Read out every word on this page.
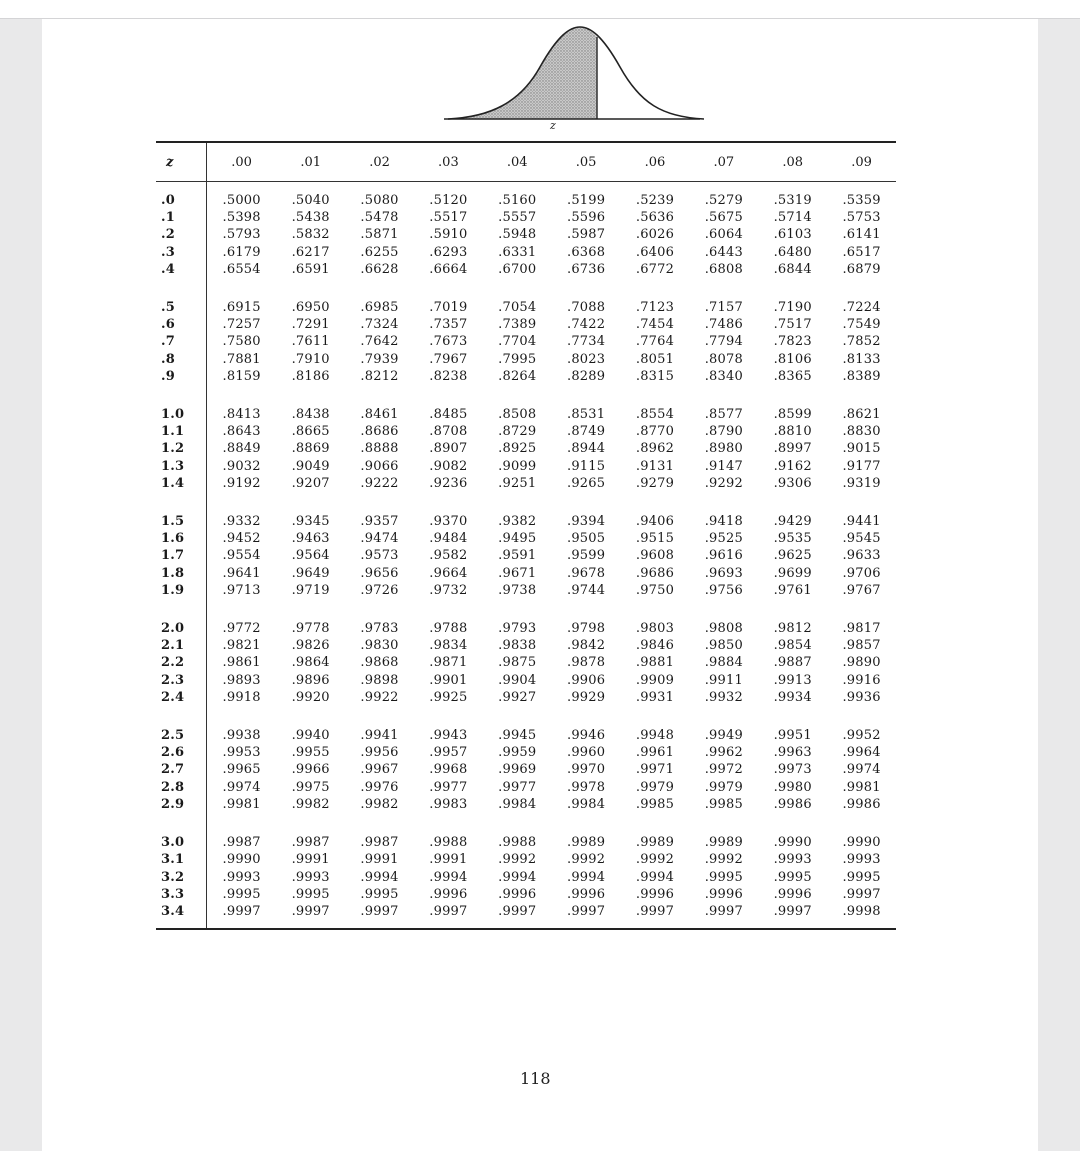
z
z	.00	.01	.02	.03	.04	.05	.06	.07	.08	.09
.0	.5000	.5040	.5080	.5120	.5160	.5199	.5239	.5279	.5319	.5359
.1	.5398	.5438	.5478	.5517	.5557	.5596	.5636	.5675	.5714	.5753
.2	.5793	.5832	.5871	.5910	.5948	.5987	.6026	.6064	.6103	.6141
.3	.6179	.6217	.6255	.6293	.6331	.6368	.6406	.6443	.6480	.6517
.4	.6554	.6591	.6628	.6664	.6700	.6736	.6772	.6808	.6844	.6879

.5	.6915	.6950	.6985	.7019	.7054	.7088	.7123	.7157	.7190	.7224
.6	.7257	.7291	.7324	.7357	.7389	.7422	.7454	.7486	.7517	.7549
.7	.7580	.7611	.7642	.7673	.7704	.7734	.7764	.7794	.7823	.7852
.8	.7881	.7910	.7939	.7967	.7995	.8023	.8051	.8078	.8106	.8133
.9	.8159	.8186	.8212	.8238	.8264	.8289	.8315	.8340	.8365	.8389

1.0	.8413	.8438	.8461	.8485	.8508	.8531	.8554	.8577	.8599	.8621
1.1	.8643	.8665	.8686	.8708	.8729	.8749	.8770	.8790	.8810	.8830
1.2	.8849	.8869	.8888	.8907	.8925	.8944	.8962	.8980	.8997	.9015
1.3	.9032	.9049	.9066	.9082	.9099	.9115	.9131	.9147	.9162	.9177
1.4	.9192	.9207	.9222	.9236	.9251	.9265	.9279	.9292	.9306	.9319

1.5	.9332	.9345	.9357	.9370	.9382	.9394	.9406	.9418	.9429	.9441
1.6	.9452	.9463	.9474	.9484	.9495	.9505	.9515	.9525	.9535	.9545
1.7	.9554	.9564	.9573	.9582	.9591	.9599	.9608	.9616	.9625	.9633
1.8	.9641	.9649	.9656	.9664	.9671	.9678	.9686	.9693	.9699	.9706
1.9	.9713	.9719	.9726	.9732	.9738	.9744	.9750	.9756	.9761	.9767

2.0	.9772	.9778	.9783	.9788	.9793	.9798	.9803	.9808	.9812	.9817
2.1	.9821	.9826	.9830	.9834	.9838	.9842	.9846	.9850	.9854	.9857
2.2	.9861	.9864	.9868	.9871	.9875	.9878	.9881	.9884	.9887	.9890
2.3	.9893	.9896	.9898	.9901	.9904	.9906	.9909	.9911	.9913	.9916
2.4	.9918	.9920	.9922	.9925	.9927	.9929	.9931	.9932	.9934	.9936

2.5	.9938	.9940	.9941	.9943	.9945	.9946	.9948	.9949	.9951	.9952
2.6	.9953	.9955	.9956	.9957	.9959	.9960	.9961	.9962	.9963	.9964
2.7	.9965	.9966	.9967	.9968	.9969	.9970	.9971	.9972	.9973	.9974
2.8	.9974	.9975	.9976	.9977	.9977	.9978	.9979	.9979	.9980	.9981
2.9	.9981	.9982	.9982	.9983	.9984	.9984	.9985	.9985	.9986	.9986

3.0	.9987	.9987	.9987	.9988	.9988	.9989	.9989	.9989	.9990	.9990
3.1	.9990	.9991	.9991	.9991	.9992	.9992	.9992	.9992	.9993	.9993
3.2	.9993	.9993	.9994	.9994	.9994	.9994	.9994	.9995	.9995	.9995
3.3	.9995	.9995	.9995	.9996	.9996	.9996	.9996	.9996	.9996	.9997
3.4	.9997	.9997	.9997	.9997	.9997	.9997	.9997	.9997	.9997	.9998
118
